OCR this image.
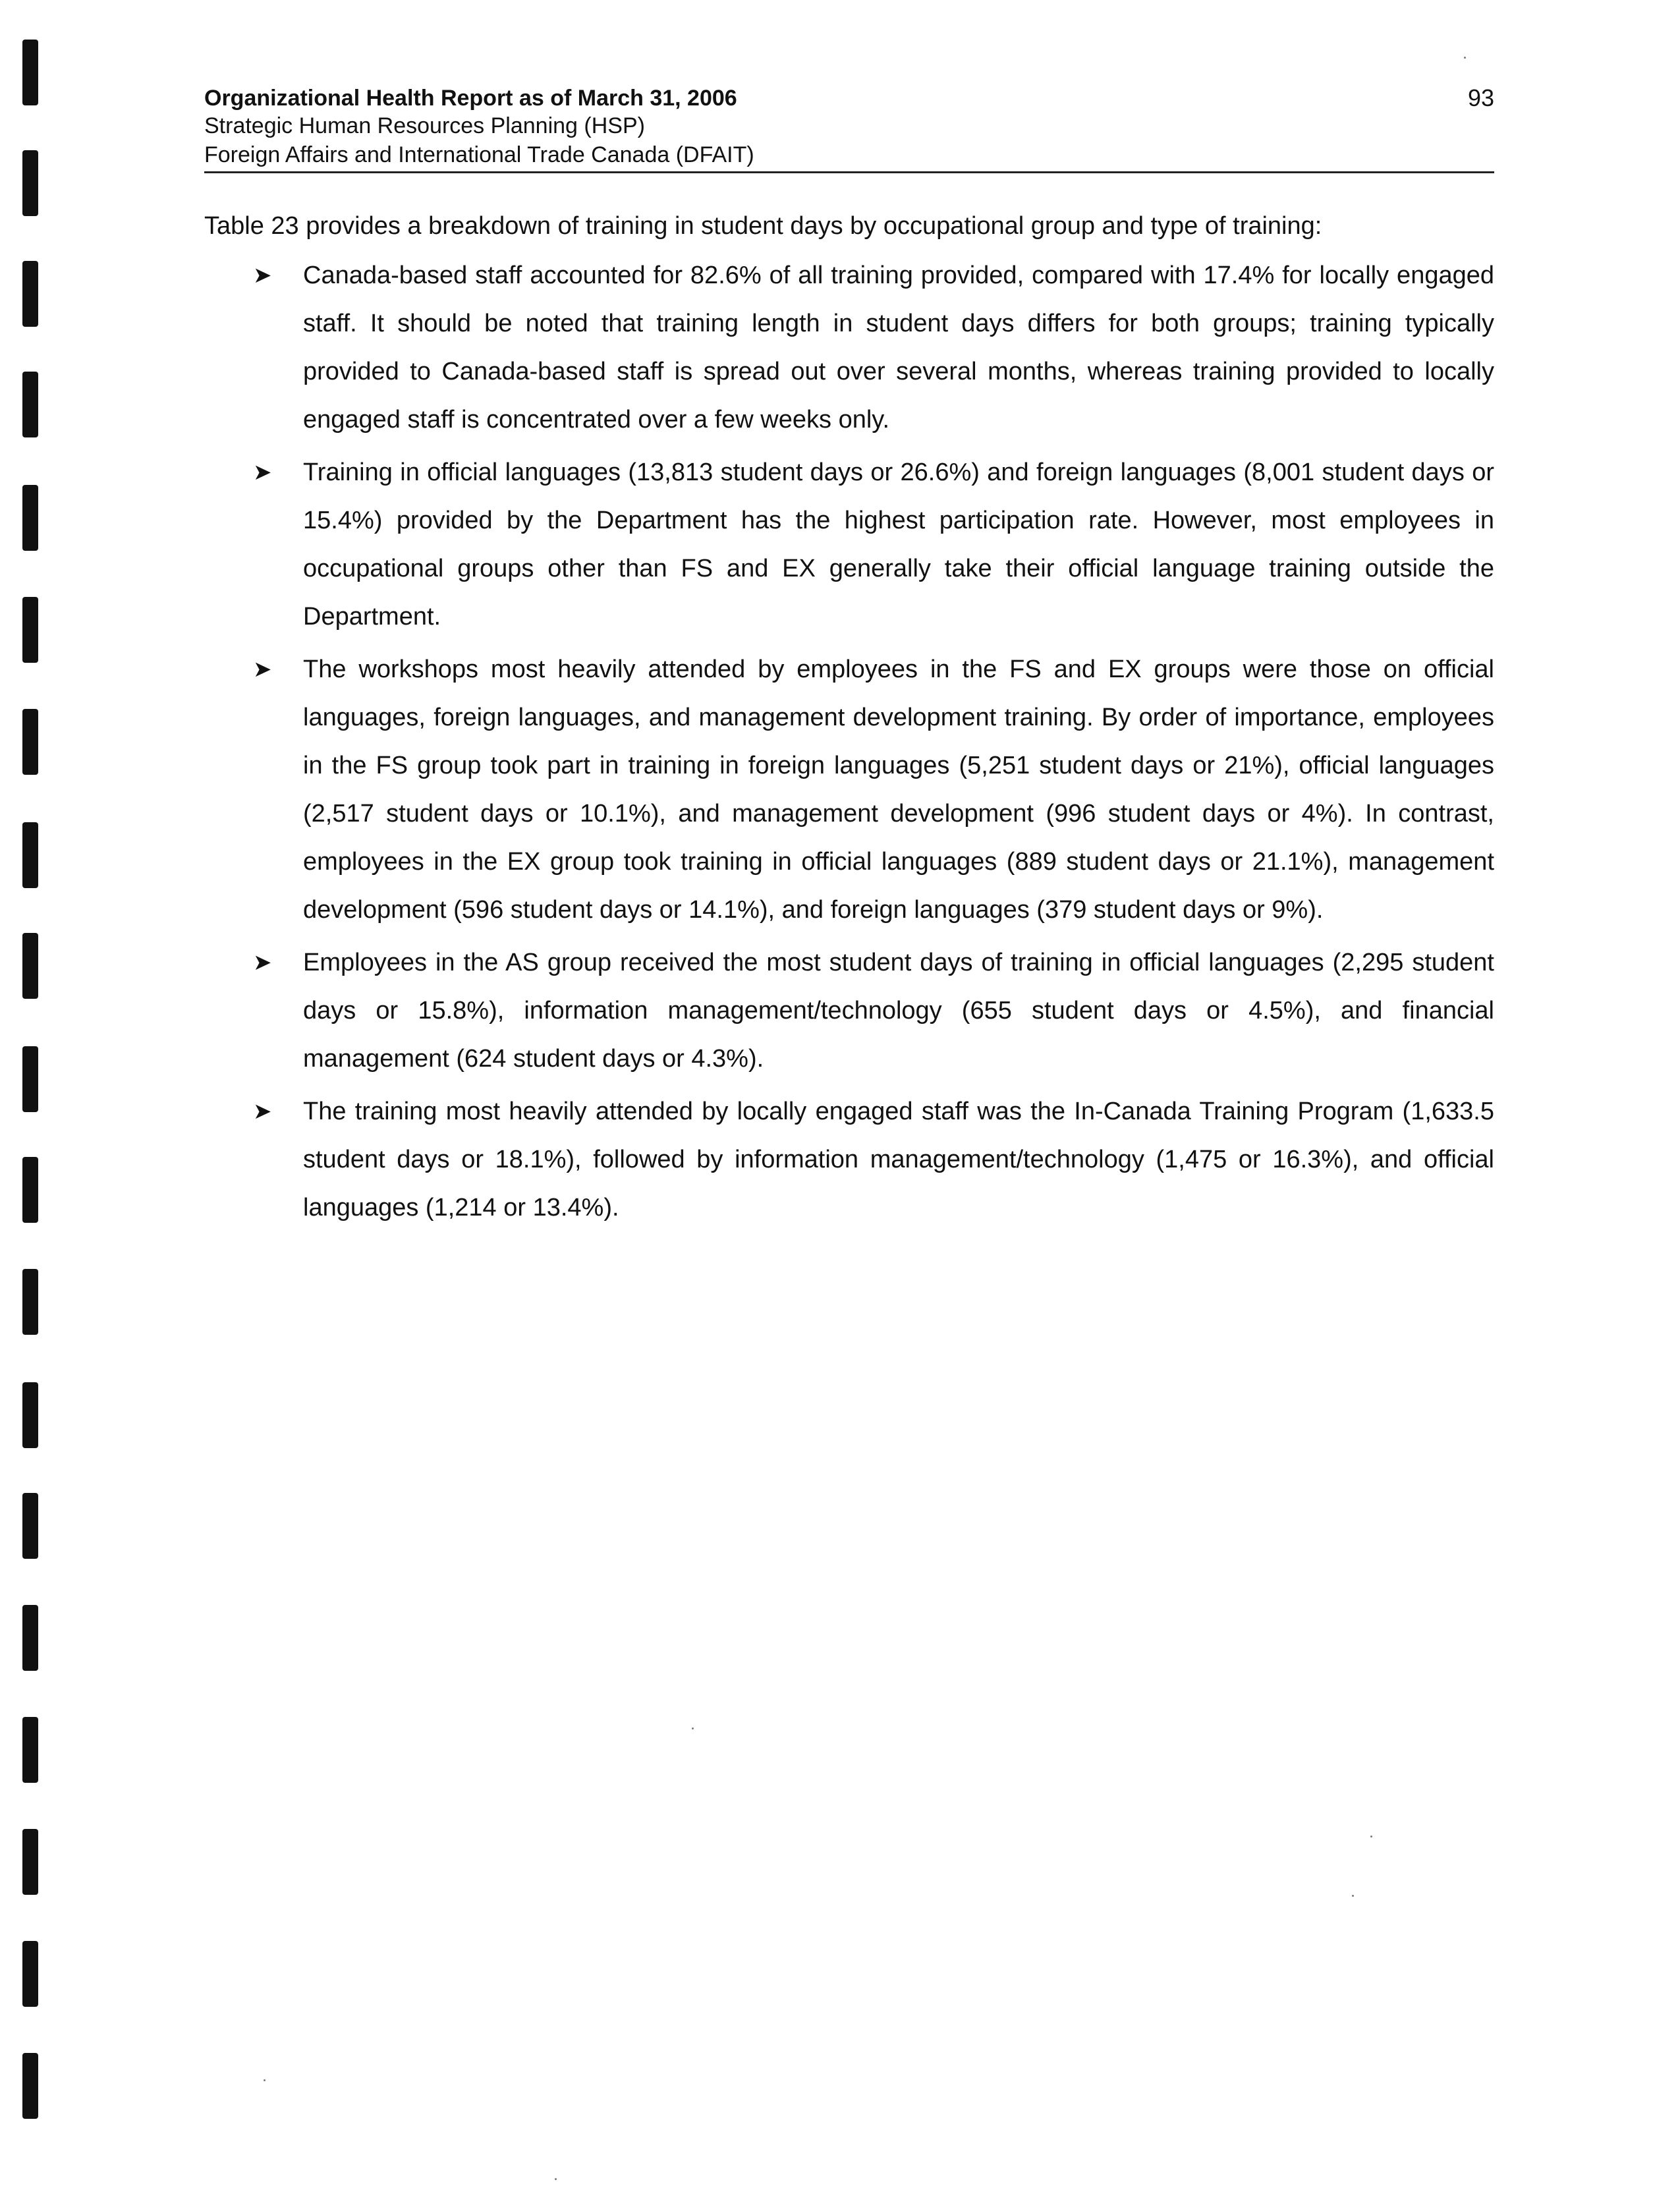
Organizational Health Report as of March 31, 2006
Strategic Human Resources Planning (HSP)
Foreign Affairs and International Trade Canada (DFAIT)
93

Table 23 provides a breakdown of training in student days by occupational group and type of training:

➤ Canada-based staff accounted for 82.6% of all training provided, compared with 17.4% for locally engaged staff. It should be noted that training length in student days differs for both groups; training typically provided to Canada-based staff is spread out over several months, whereas training provided to locally engaged staff is concentrated over a few weeks only.
➤ Training in official languages (13,813 student days or 26.6%) and foreign languages (8,001 student days or 15.4%) provided by the Department has the highest participation rate. However, most employees in occupational groups other than FS and EX generally take their official language training outside the Department.
➤ The workshops most heavily attended by employees in the FS and EX groups were those on official languages, foreign languages, and management development training. By order of importance, employees in the FS group took part in training in foreign languages (5,251 student days or 21%), official languages (2,517 student days or 10.1%), and management development (996 student days or 4%). In contrast, employees in the EX group took training in official languages (889 student days or 21.1%), management development (596 student days or 14.1%), and foreign languages (379 student days or 9%).
➤ Employees in the AS group received the most student days of training in official languages (2,295 student days or 15.8%), information management/technology (655 student days or 4.5%), and financial management (624 student days or 4.3%).
➤ The training most heavily attended by locally engaged staff was the In-Canada Training Program (1,633.5 student days or 18.1%), followed by information management/technology (1,475 or 16.3%), and official languages (1,214 or 13.4%).
